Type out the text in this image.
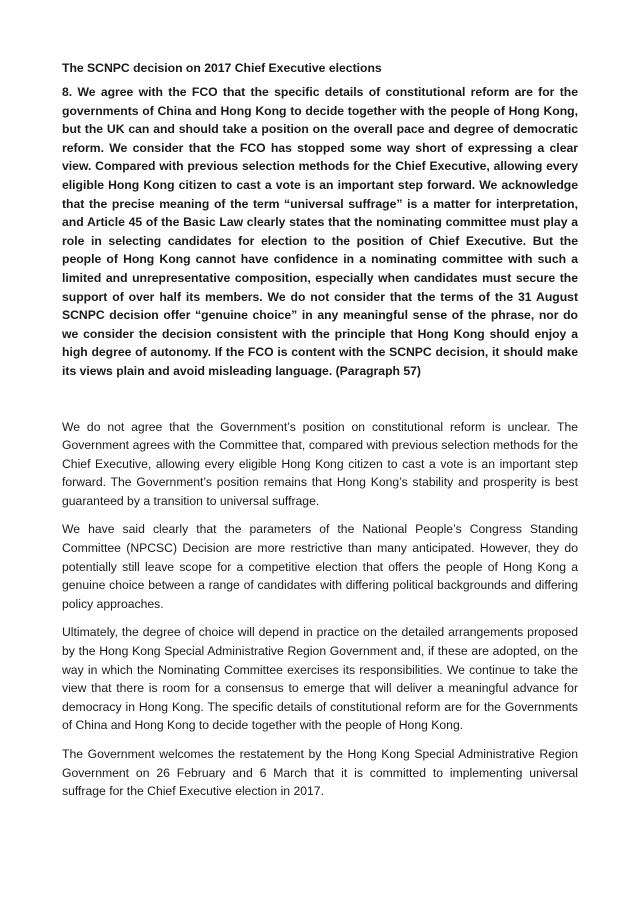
The SCNPC decision on 2017 Chief Executive elections

8. We agree with the FCO that the specific details of constitutional reform are for the governments of China and Hong Kong to decide together with the people of Hong Kong, but the UK can and should take a position on the overall pace and degree of democratic reform. We consider that the FCO has stopped some way short of expressing a clear view. Compared with previous selection methods for the Chief Executive, allowing every eligible Hong Kong citizen to cast a vote is an important step forward. We acknowledge that the precise meaning of the term “universal suffrage” is a matter for interpretation, and Article 45 of the Basic Law clearly states that the nominating committee must play a role in selecting candidates for election to the position of Chief Executive. But the people of Hong Kong cannot have confidence in a nominating committee with such a limited and unrepresentative composition, especially when candidates must secure the support of over half its members. We do not consider that the terms of the 31 August SCNPC decision offer “genuine choice” in any meaningful sense of the phrase, nor do we consider the decision consistent with the principle that Hong Kong should enjoy a high degree of autonomy. If the FCO is content with the SCNPC decision, it should make its views plain and avoid misleading language. (Paragraph 57)

We do not agree that the Government’s position on constitutional reform is unclear. The Government agrees with the Committee that, compared with previous selection methods for the Chief Executive, allowing every eligible Hong Kong citizen to cast a vote is an important step forward. The Government’s position remains that Hong Kong’s stability and prosperity is best guaranteed by a transition to universal suffrage.

We have said clearly that the parameters of the National People’s Congress Standing Committee (NPCSC) Decision are more restrictive than many anticipated. However, they do potentially still leave scope for a competitive election that offers the people of Hong Kong a genuine choice between a range of candidates with differing political backgrounds and differing policy approaches.

Ultimately, the degree of choice will depend in practice on the detailed arrangements proposed by the Hong Kong Special Administrative Region Government and, if these are adopted, on the way in which the Nominating Committee exercises its responsibilities. We continue to take the view that there is room for a consensus to emerge that will deliver a meaningful advance for democracy in Hong Kong. The specific details of constitutional reform are for the Governments of China and Hong Kong to decide together with the people of Hong Kong.

The Government welcomes the restatement by the Hong Kong Special Administrative Region Government on 26 February and 6 March that it is committed to implementing universal suffrage for the Chief Executive election in 2017.
